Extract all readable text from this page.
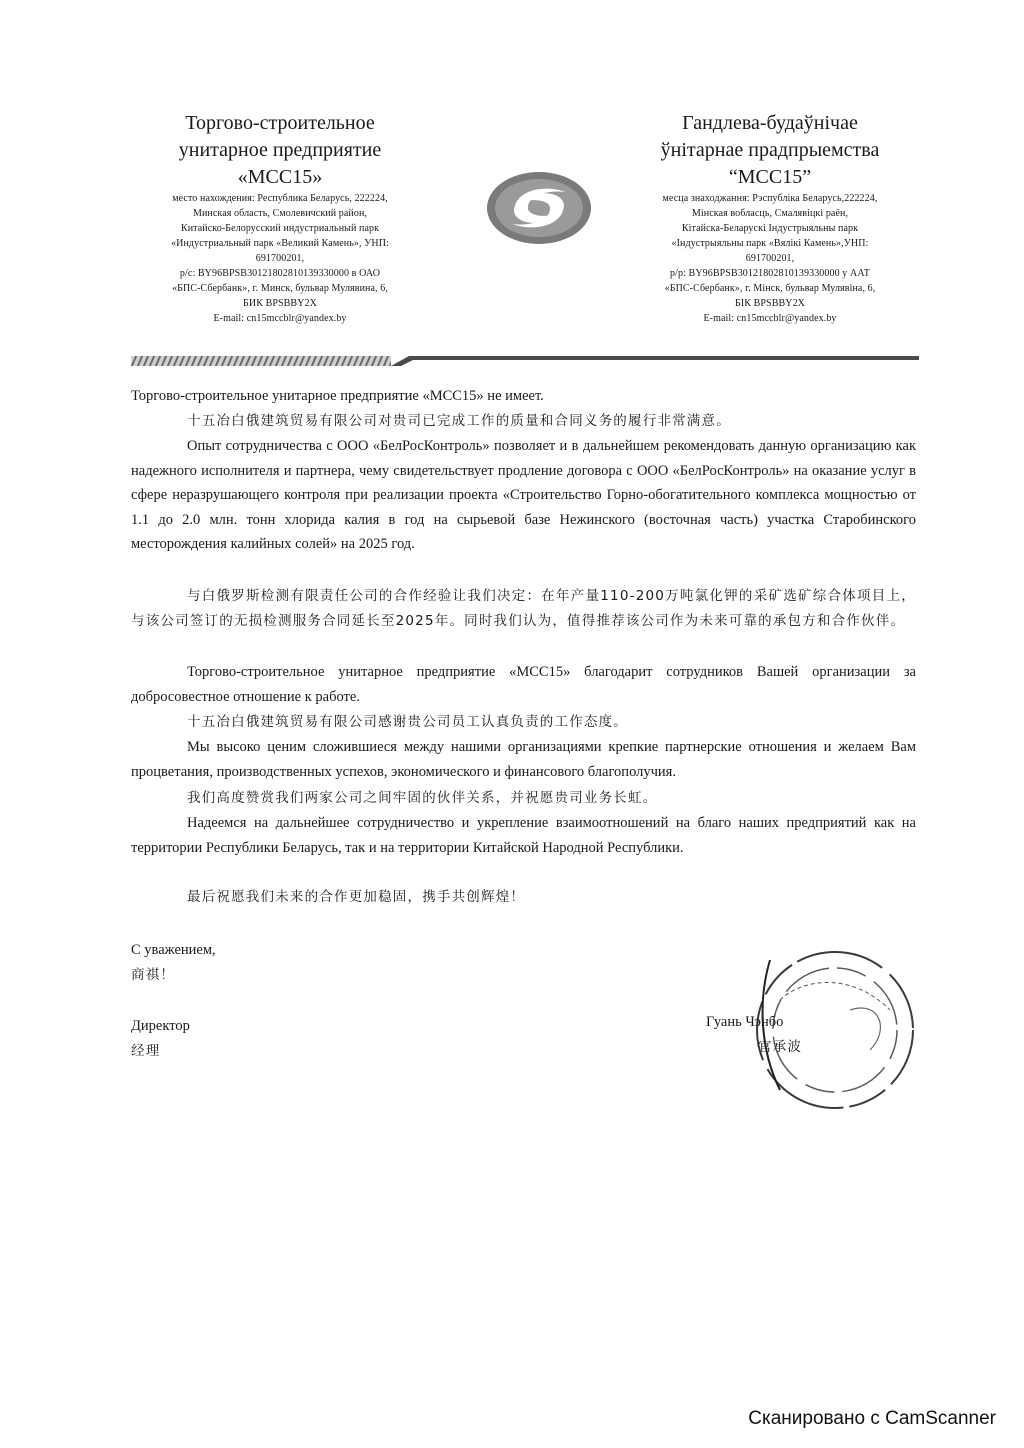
Торгово-строительное

унитарное предприятие

«МСС15»

место нахождения: Республика Беларусь, 222224,

Минская область, Смолевичский район,

Китайско-Белорусский индустриальный парк

«Индустриальный парк «Великий Камень», УНП:

691700201,

р/с: BY96BPSB30121802810139330000 в ОАО

«БПС-Сбербанк», г. Минск, бульвар Мулявина, 6,

БИК BPSBBY2X

E-mail: cn15mccblr@yandex.by

Гандлева-будаўнічае

ўнітарнае прадпрыемства

“МСС15”

месца знаходжання: Рэспубліка Беларусь,222224,

Мінская вобласць, Смалявіцкі раён,

Кітайска-Беларускі Індустрыяльны парк

«Індустрыяльны парк «Вялікі Камень»,УНП:

691700201,

р/р: BY96BPSB30121802810139330000 у ААТ

«БПС-Сбербанк», г. Мінск, бульвар Мулявіна, 6,

БІК BPSBBY2X

E-mail: cn15mccblr@yandex.by

Торгово-строительное унитарное предприятие «МСС15» не имеет.

十五冶白俄建筑贸易有限公司对贵司已完成工作的质量和合同义务的履行非常满意。

Опыт сотрудничества с ООО «БелРосКонтроль» позволяет и в дальнейшем рекомендовать данную организацию как надежного исполнителя и партнера, чему свидетельствует продление договора с ООО «БелРосКонтроль» на оказание услуг в сфере неразрушающего контроля при реализации проекта «Строительство Горно-обогатительного комплекса мощностью от 1.1 до 2.0 млн. тонн хлорида калия в год на сырьевой базе Нежинского (восточная часть) участка Старобинского месторождения калийных солей» на 2025 год.

与白俄罗斯检测有限责任公司的合作经验让我们决定：在年产量110-200万吨氯化钾的采矿选矿综合体项目上，与该公司签订的无损检测服务合同延长至2025年。同时我们认为，值得推荐该公司作为未来可靠的承包方和合作伙伴。

Торгово-строительное унитарное предприятие «МСС15» благодарит сотрудников Вашей организации за добросовестное отношение к работе.

十五冶白俄建筑贸易有限公司感谢贵公司员工认真负责的工作态度。

Мы высоко ценим сложившиеся между нашими организациями крепкие партнерские отношения и желаем Вам процветания, производственных успехов, экономического и финансового благополучия.

我们高度赞赏我们两家公司之间牢固的伙伴关系，并祝愿贵司业务长虹。

Надеемся на дальнейшее сотрудничество и укрепление взаимоотношений на благо наших предприятий как на территории Республики Беларусь, так и на территории Китайской Народной Республики.

最后祝愿我们未来的合作更加稳固，携手共创辉煌！

С уважением,
商祺！
Директор
经理
Гуань Чэнбо
官承波
Сканировано с CamScanner
